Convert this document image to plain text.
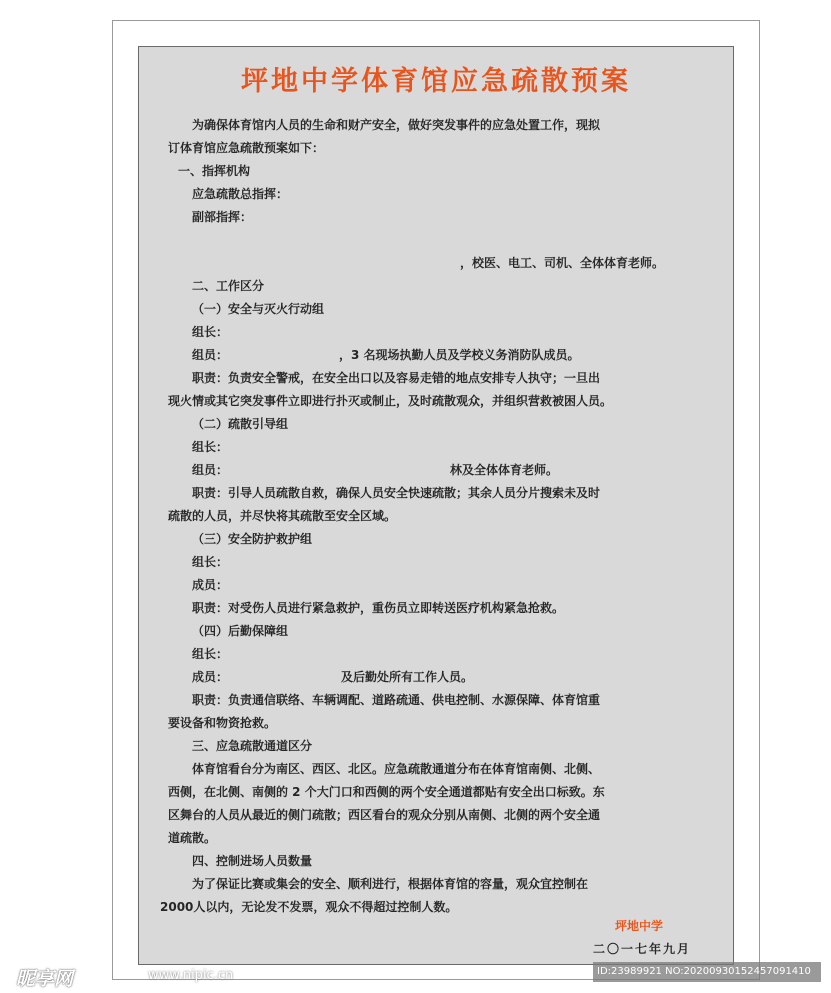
坪地中学体育馆应急疏散预案
为确保体育馆内人员的生命和财产安全，做好突发事件的应急处置工作，现拟
订体育馆应急疏散预案如下：
一、指挥机构
应急疏散总指挥：
副部指挥：
，校医、电工、司机、全体体育老师。
二、工作区分
（一）安全与灭火行动组
组长：
组员：	，3 名现场执勤人员及学校义务消防队成员。
职责：负责安全警戒，在安全出口以及容易走错的地点安排专人执守；一旦出
现火情或其它突发事件立即进行扑灭或制止，及时疏散观众，并组织营救被困人员。
（二）疏散引导组
组长：
组员：	林及全体体育老师。
职责：引导人员疏散自救，确保人员安全快速疏散；其余人员分片搜索未及时
疏散的人员，并尽快将其疏散至安全区域。
（三）安全防护救护组
组长：
成员：
职责：对受伤人员进行紧急救护，重伤员立即转送医疗机构紧急抢救。
（四）后勤保障组
组长：
成员：	及后勤处所有工作人员。
职责：负责通信联络、车辆调配、道路疏通、供电控制、水源保障、体育馆重
要设备和物资抢救。
三、应急疏散通道区分
体育馆看台分为南区、西区、北区。应急疏散通道分布在体育馆南侧、北侧、
西侧，在北侧、南侧的 2 个大门口和西侧的两个安全通道都贴有安全出口标致。东
区舞台的人员从最近的侧门疏散；西区看台的观众分别从南侧、北侧的两个安全通
道疏散。
四、控制进场人员数量
为了保证比赛或集会的安全、顺利进行，根据体育馆的容量，观众宜控制在
2000人以内，无论发不发票，观众不得超过控制人数。
坪地中学
二〇一七年九月
昵享网	www.nipic.cn	ID:23989921 NO:20200930152457091410
